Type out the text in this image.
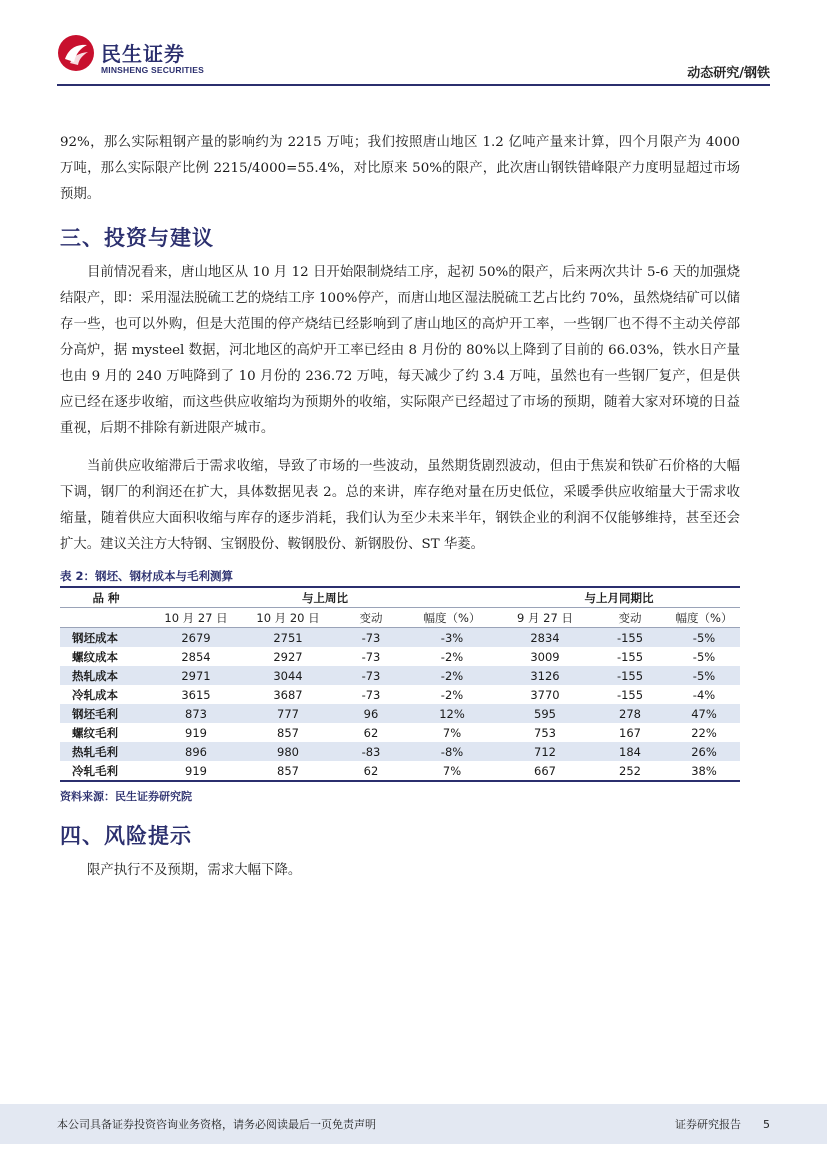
民生证券
MINSHENG SECURITIES	动态研究/钢铁

92%，那么实际粗钢产量的影响约为 2215 万吨；我们按照唐山地区 1.2 亿吨产量来计算，四个月限产为 4000 万吨，那么实际限产比例 2215/4000=55.4%，对比原来 50%的限产，此次唐山钢铁错峰限产力度明显超过市场预期。

三、投资与建议

目前情况看来，唐山地区从 10 月 12 日开始限制烧结工序，起初 50%的限产，后来两次共计 5-6 天的加强烧结限产，即：采用湿法脱硫工艺的烧结工序 100%停产，而唐山地区湿法脱硫工艺占比约 70%，虽然烧结矿可以储存一些，也可以外购，但是大范围的停产烧结已经影响到了唐山地区的高炉开工率，一些钢厂也不得不主动关停部分高炉，据 mysteel 数据，河北地区的高炉开工率已经由 8 月份的 80%以上降到了目前的 66.03%，铁水日产量也由 9 月的 240 万吨降到了 10 月份的 236.72 万吨，每天减少了约 3.4 万吨，虽然也有一些钢厂复产，但是供应已经在逐步收缩，而这些供应收缩均为预期外的收缩，实际限产已经超过了市场的预期，随着大家对环境的日益重视，后期不排除有新进限产城市。

当前供应收缩滞后于需求收缩，导致了市场的一些波动，虽然期货剧烈波动，但由于焦炭和铁矿石价格的大幅下调，钢厂的利润还在扩大，具体数据见表 2。总的来讲，库存绝对量在历史低位，采暖季供应收缩量大于需求收缩量，随着供应大面积收缩与库存的逐步消耗，我们认为至少未来半年，钢铁企业的利润不仅能够维持，甚至还会扩大。建议关注方大特钢、宝钢股份、鞍钢股份、新钢股份、ST 华菱。

表 2：钢坯、钢材成本与毛利测算
品 种	与上周比				与上月同期比		
	10 月 27 日	10 月 20 日	变动	幅度（%）	9 月 27 日	变动	幅度（%）
钢坯成本	2679	2751	-73	-3%	2834	-155	-5%
螺纹成本	2854	2927	-73	-2%	3009	-155	-5%
热轧成本	2971	3044	-73	-2%	3126	-155	-5%
冷轧成本	3615	3687	-73	-2%	3770	-155	-4%
钢坯毛利	873	777	96	12%	595	278	47%
螺纹毛利	919	857	62	7%	753	167	22%
热轧毛利	896	980	-83	-8%	712	184	26%
冷轧毛利	919	857	62	7%	667	252	38%
资料来源：民生证券研究院
四、风险提示

限产执行不及预期，需求大幅下降。

本公司具备证券投资咨询业务资格，请务必阅读最后一页免责声明	证券研究报告 5
